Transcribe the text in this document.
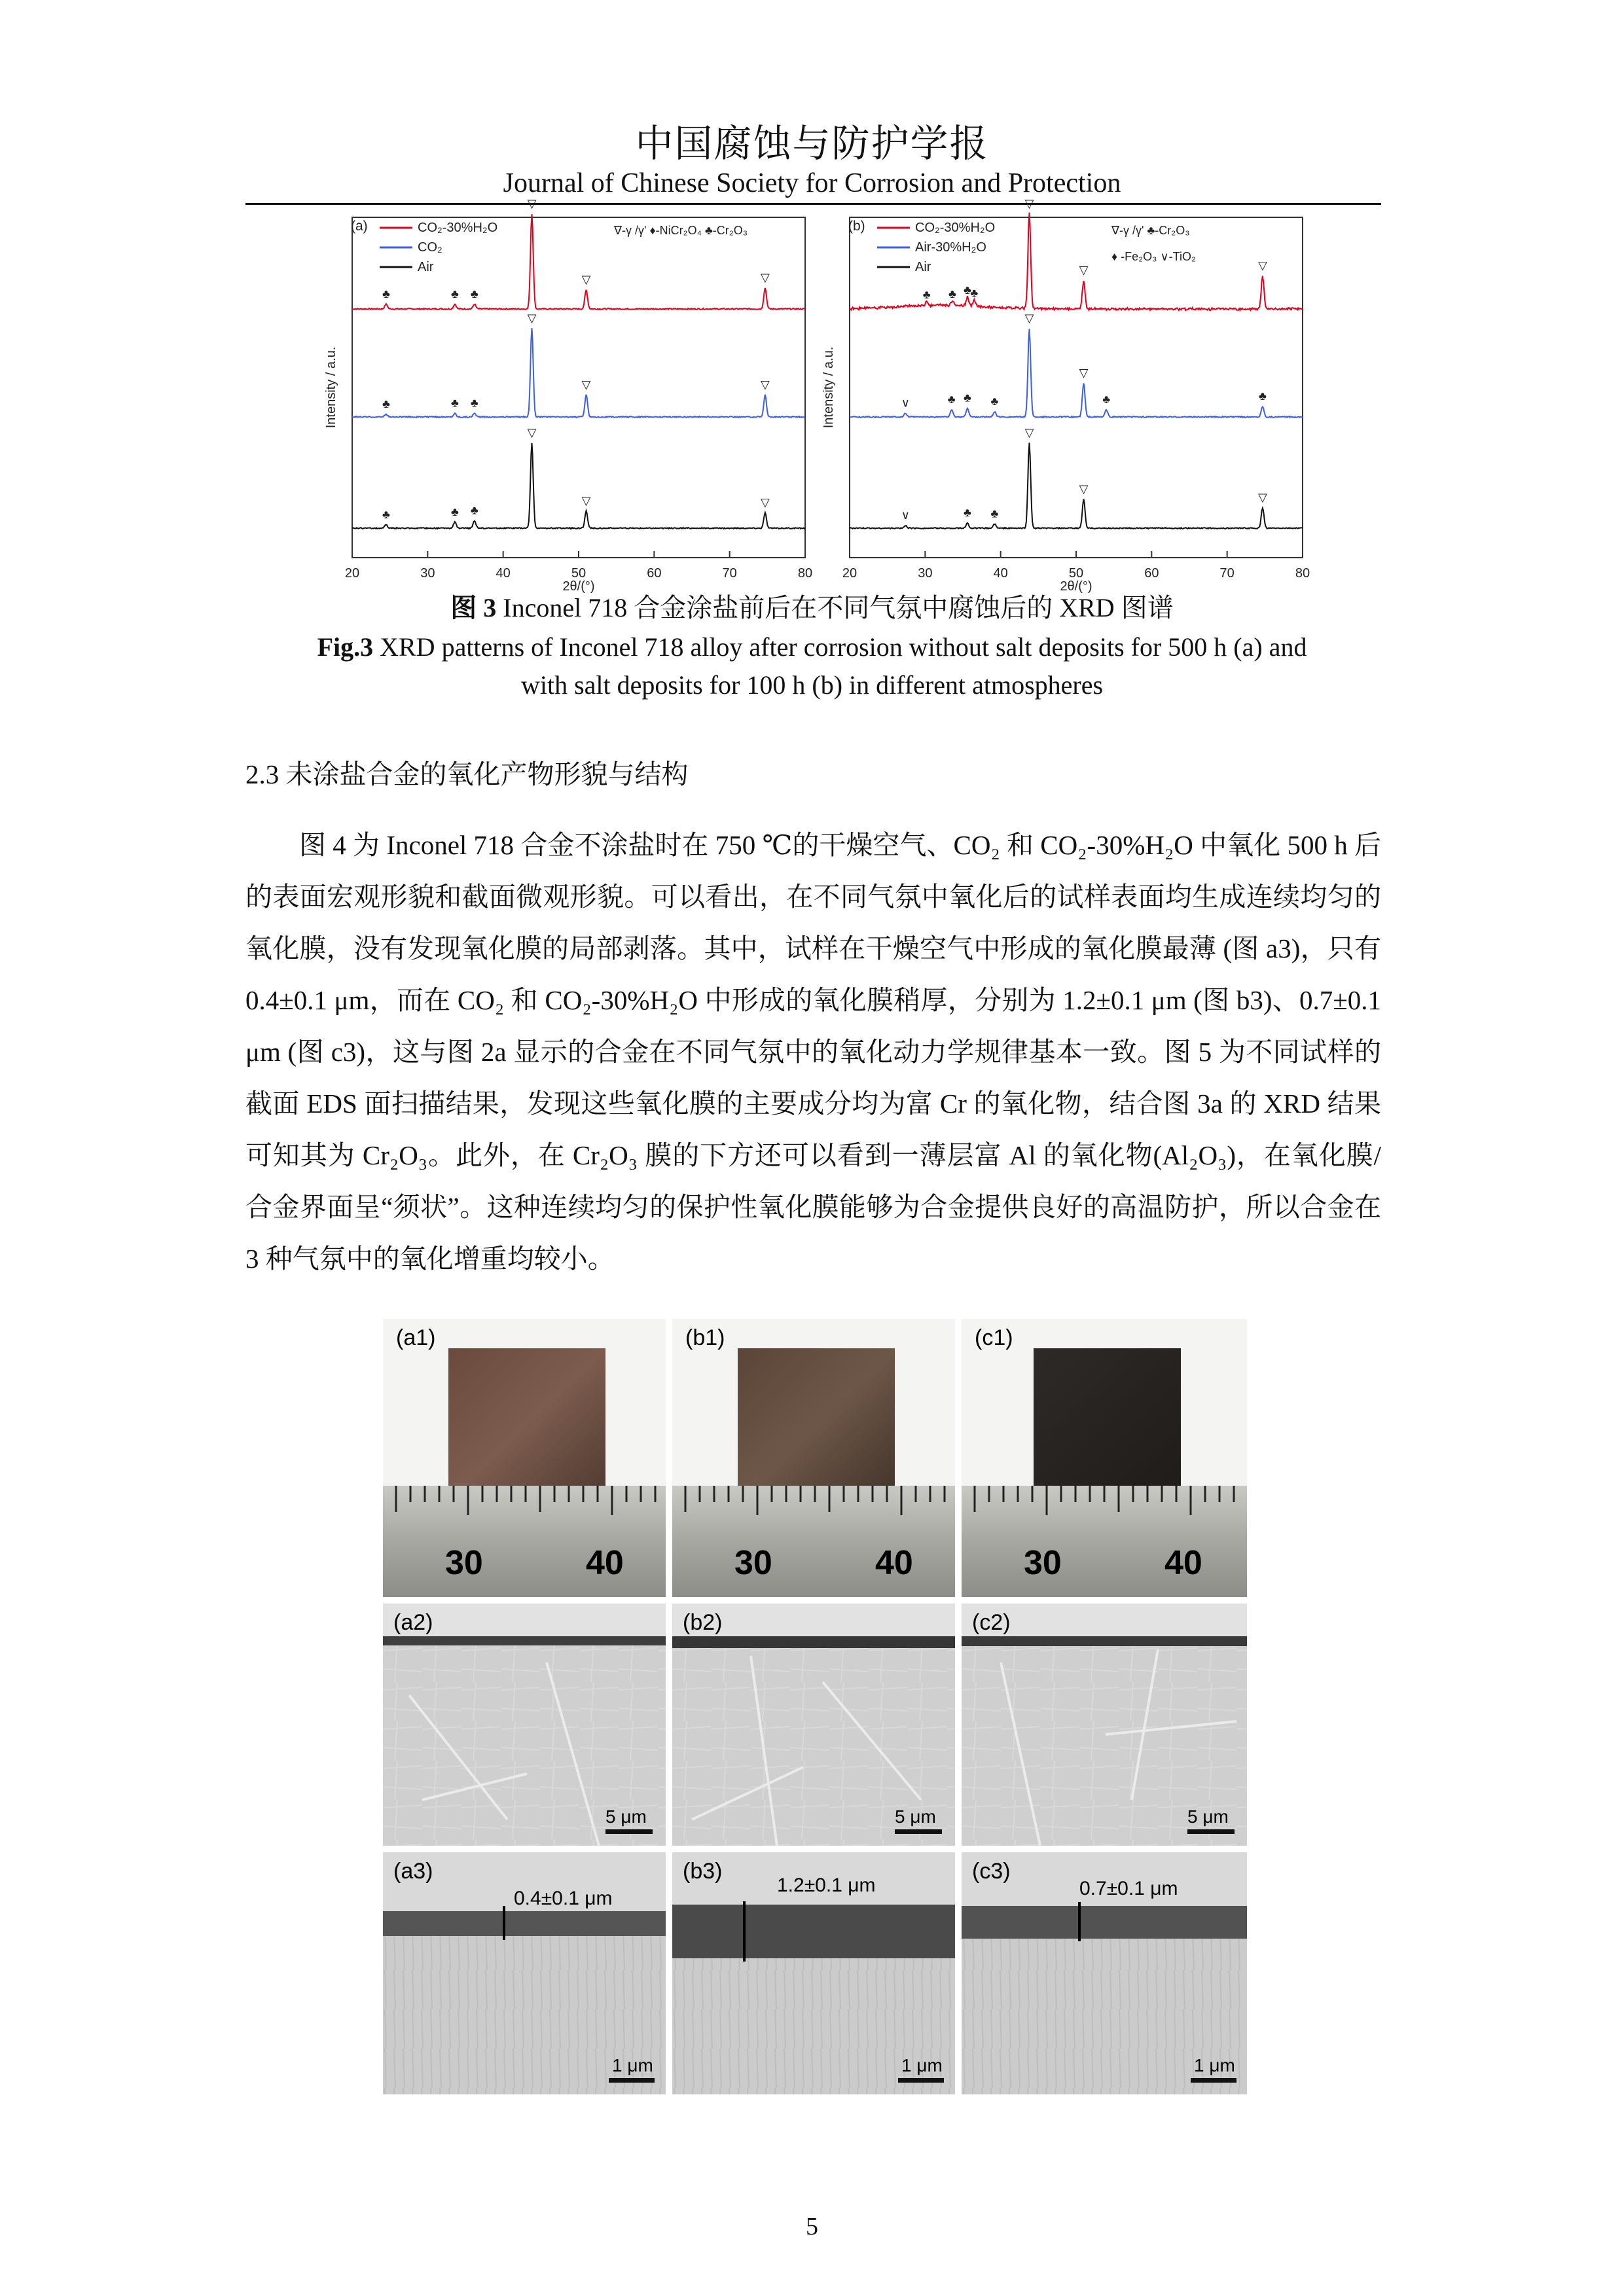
中国腐蚀与防护学报
Journal of Chinese Society for Corrosion and Protection
20	30	40	50	60	70	80
2θ/(°)
Intensity / a.u.
(a)	CO₂-30%H₂O
CO₂
Air
∇-γ /γ' ♦-NiCr₂O₄ ♣-Cr₂O₃
♣	♣ ♣
▽
▽	▽
♣	♣ ♣
▽
▽	▽
♣	♣ ♣
▽
▽	▽
20	30	40	50	60	70	80
2θ/(°)
Intensity / a.u.
(b)	CO₂-30%H₂O
Air-30%H₂O
Air
∇-γ /γ' ♣-Cr₂O₃
♦ -Fe₂O₃ ∨-TiO₂
♣ ♣ ♣
♣
▽
▽	▽
∨	♣ ♣ ♣
▽
▽
♣	♣
∨	♣ ♣
▽
▽
▽
图 3 Inconel 718 合金涂盐前后在不同气氛中腐蚀后的 XRD 图谱
Fig.3 XRD patterns of Inconel 718 alloy after corrosion without salt deposits for 500 h (a) and
with salt deposits for 100 h (b) in different atmospheres
2.3 未涂盐合金的氧化产物形貌与结构

图 4 为 Inconel 718 合金不涂盐时在 750 ℃的干燥空气、CO₂ 和 CO₂-30%H₂O 中氧化 500 h 后的表面宏观形貌和截面微观形貌。可以看出，在不同气氛中氧化后的试样表面均生成连续均匀的氧化膜，没有发现氧化膜的局部剥落。其中，试样在干燥空气中形成的氧化膜最薄 (图 a3)，只有 0.4±0.1 μm，而在 CO₂ 和 CO₂-30%H₂O 中形成的氧化膜稍厚，分别为 1.2±0.1 μm (图 b3)、0.7±0.1 μm (图 c3)，这与图 2a 显示的合金在不同气氛中的氧化动力学规律基本一致。图 5 为不同试样的截面 EDS 面扫描结果，发现这些氧化膜的主要成分均为富 Cr 的氧化物，结合图 3a 的 XRD 结果可知其为 Cr₂O₃。此外，在 Cr₂O₃ 膜的下方还可以看到一薄层富 Al 的氧化物(Al₂O₃)，在氧化膜/合金界面呈“须状”。这种连续均匀的保护性氧化膜能够为合金提供良好的高温防护，所以合金在 3 种气氛中的氧化增重均较小。

(a1)
30	40
(b1)
30	40
(c1)
30	40
(a2)
5 μm
(b2)
5 μm
(c2)
5 μm
(a3)
0.4±0.1 μm
1 μm
(b3)
1.2±0.1 μm
1 μm
(c3)
0.7±0.1 μm
1 μm
5
